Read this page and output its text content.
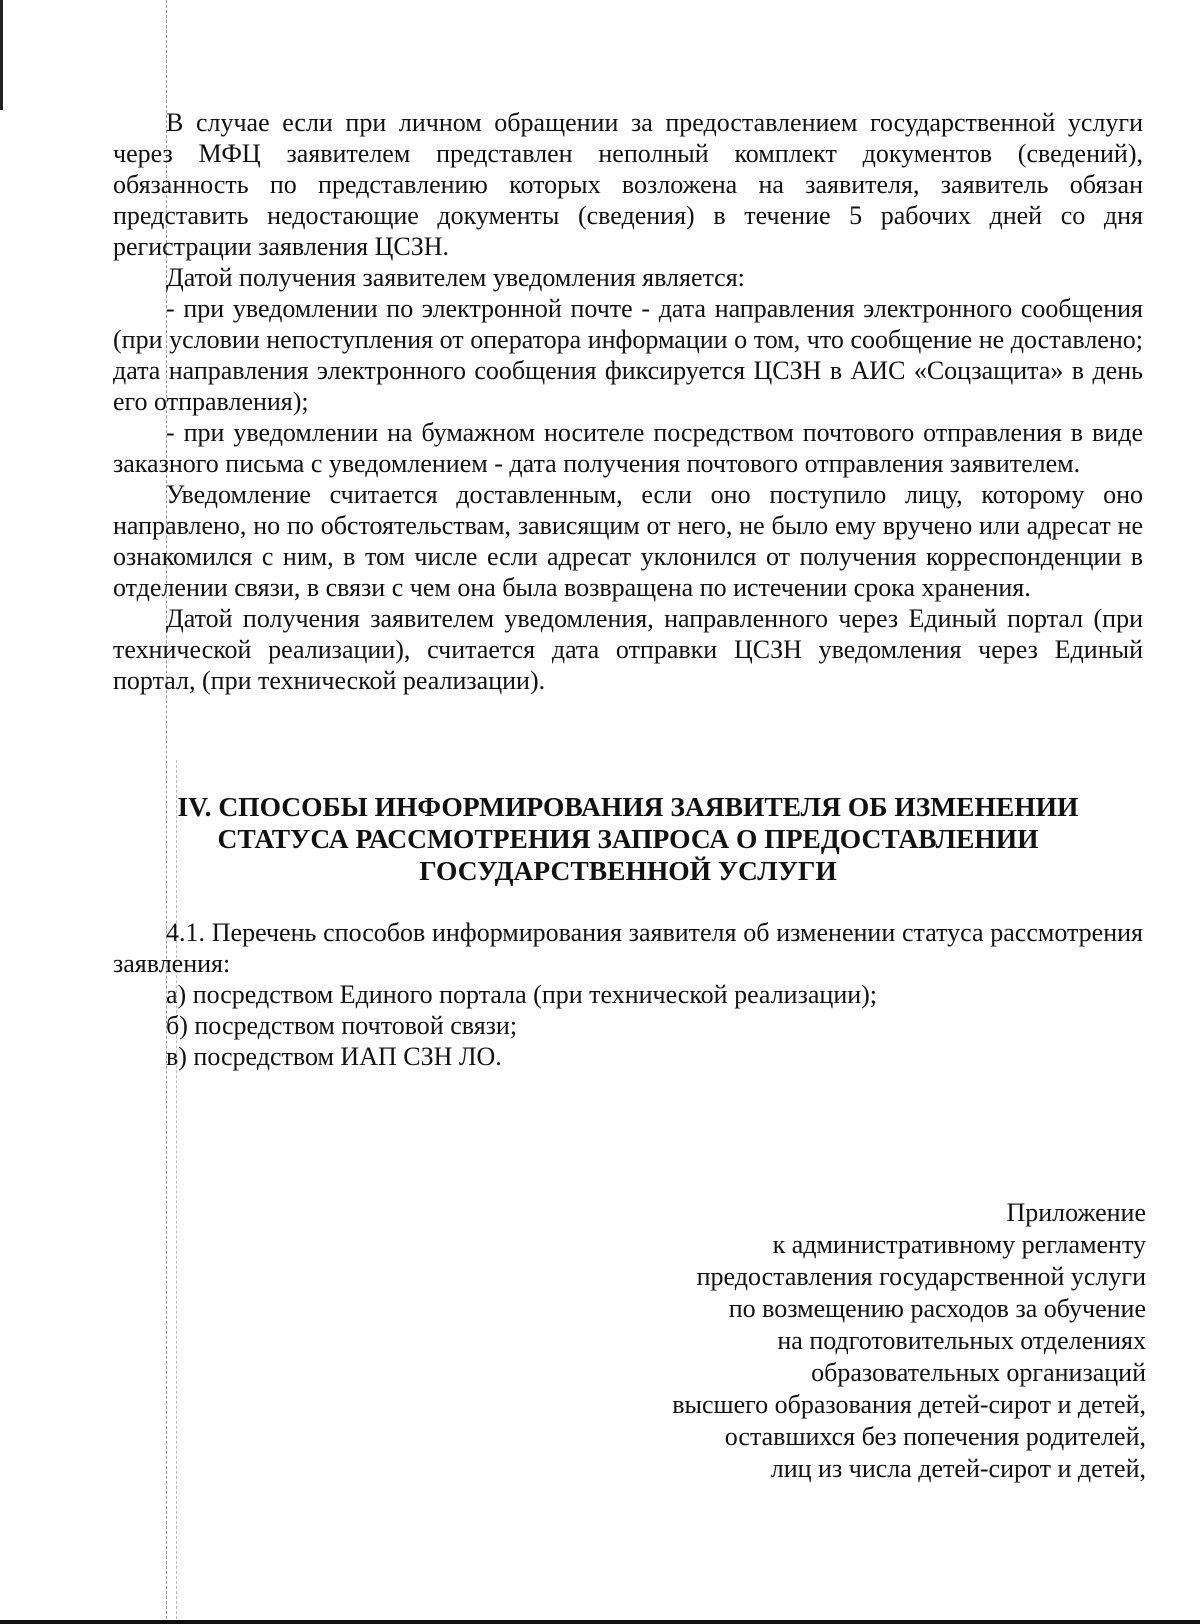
В случае если при личном обращении за предоставлением государственной услуги через МФЦ заявителем представлен неполный комплект документов (сведений), обязанность по представлению которых возложена на заявителя, заявитель обязан представить недостающие документы (сведения) в течение 5 рабочих дней со дня регистрации заявления ЦСЗН.

Датой получения заявителем уведомления является:

- при уведомлении по электронной почте - дата направления электронного сообщения (при условии непоступления от оператора информации о том, что сообщение не доставлено; дата направления электронного сообщения фиксируется ЦСЗН в АИС «Соцзащита» в день его отправления);

- при уведомлении на бумажном носителе посредством почтового отправления в виде заказного письма с уведомлением - дата получения почтового отправления заявителем.

Уведомление считается доставленным, если оно поступило лицу, которому оно направлено, но по обстоятельствам, зависящим от него, не было ему вручено или адресат не ознакомился с ним, в том числе если адресат уклонился от получения корреспонденции в отделении связи, в связи с чем она была возвращена по истечении срока хранения.

Датой получения заявителем уведомления, направленного через Единый портал (при технической реализации), считается дата отправки ЦСЗН уведомления через Единый портал, (при технической реализации).

IV. СПОСОБЫ ИНФОРМИРОВАНИЯ ЗАЯВИТЕЛЯ ОБ ИЗМЕНЕНИИ
СТАТУСА РАССМОТРЕНИЯ ЗАПРОСА О ПРЕДОСТАВЛЕНИИ
ГОСУДАРСТВЕННОЙ УСЛУГИ

4.1. Перечень способов информирования заявителя об изменении статуса рассмотрения заявления:

а) посредством Единого портала (при технической реализации);

б) посредством почтовой связи;

в) посредством ИАП СЗН ЛО.

Приложение
к административному регламенту
предоставления государственной услуги
по возмещению расходов за обучение
на подготовительных отделениях
образовательных организаций
высшего образования детей-сирот и детей,
оставшихся без попечения родителей,
лиц из числа детей-сирот и детей,
